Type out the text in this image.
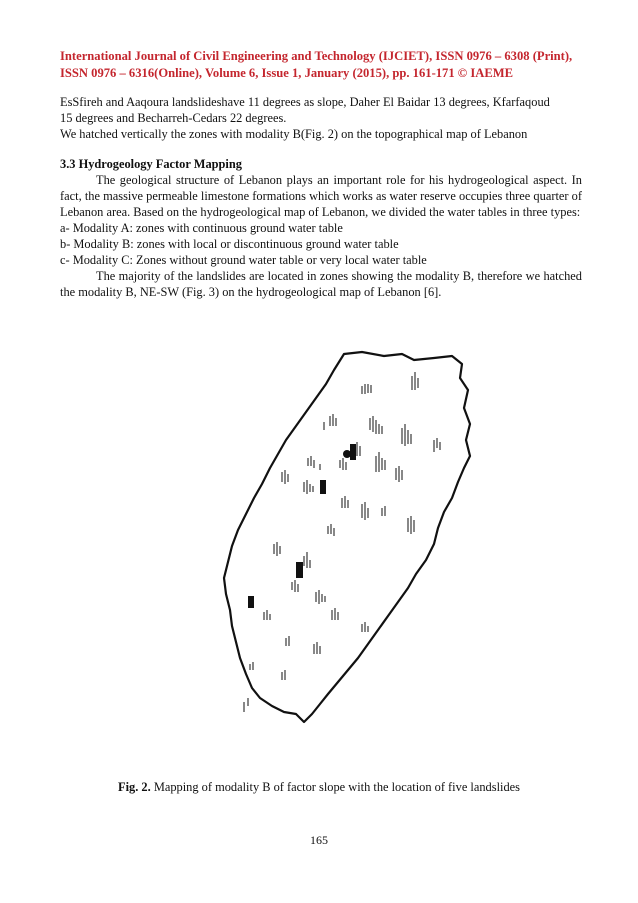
International Journal of Civil Engineering and Technology (IJCIET), ISSN 0976 – 6308 (Print),
ISSN 0976 – 6316(Online), Volume 6, Issue 1, January (2015), pp. 161-171 © IAEME
EsSfireh and Aaqoura landslideshave 11 degrees as slope, Daher El Baidar 13 degrees, Kfarfaqoud
15 degrees and Becharreh-Cedars 22 degrees.
We hatched vertically the zones with modality B(Fig. 2) on the topographical map of Lebanon
3.3 Hydrogeology Factor Mapping
The geological structure of Lebanon plays an important role for his hydrogeological aspect. In fact, the massive permeable limestone formations which works as water reserve occupies three quarter of Lebanon area. Based on the hydrogeological map of Lebanon, we divided the water tables in three types:
a- Modality A: zones with continuous ground water table
b- Modality B: zones with local or discontinuous ground water table
c- Modality C: Zones without ground water table or very local water table
The majority of the landslides are located in zones showing the modality B, therefore we hatched the modality B, NE-SW (Fig. 3) on the hydrogeological map of Lebanon [6].
Fig. 2. Mapping of modality B of factor slope with the location of five landslides
165
